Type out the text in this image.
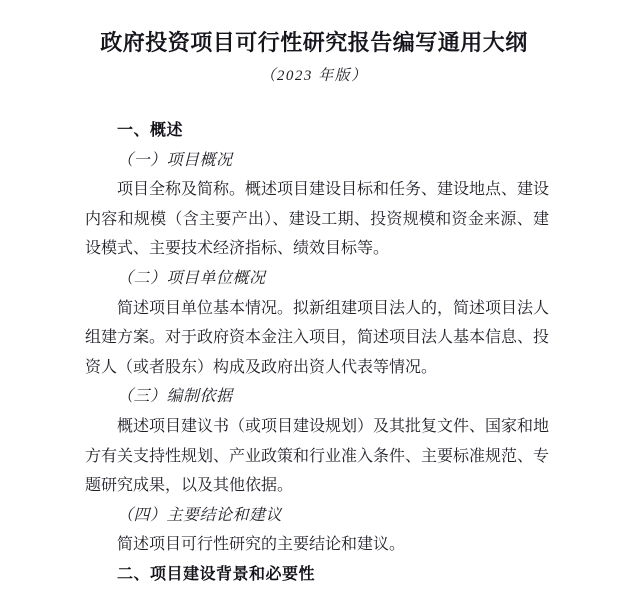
政府投资项目可行性研究报告编写通用大纲
（2023 年版）

一、概述

（一）项目概况

项目全称及简称。概述项目建设目标和任务、建设地点、建设内容和规模（含主要产出）、建设工期、投资规模和资金来源、建设模式、主要技术经济指标、绩效目标等。

（二）项目单位概况

简述项目单位基本情况。拟新组建项目法人的，简述项目法人组建方案。对于政府资本金注入项目，简述项目法人基本信息、投资人（或者股东）构成及政府出资人代表等情况。

（三）编制依据

概述项目建议书（或项目建设规划）及其批复文件、国家和地方有关支持性规划、产业政策和行业准入条件、主要标准规范、专题研究成果，以及其他依据。

（四）主要结论和建议

简述项目可行性研究的主要结论和建议。

二、项目建设背景和必要性
